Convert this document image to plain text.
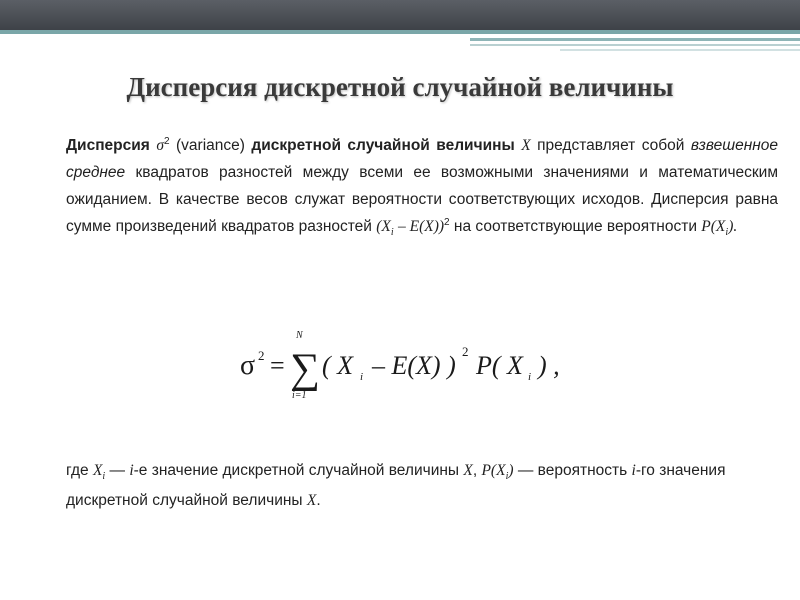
Дисперсия дискретной случайной величины
Дисперсия $\sigma^2$ (variance) дискретной случайной величины X представляет собой взвешенное среднее квадратов разностей между всеми ее возможными значениями и математическим ожиданием. В качестве весов служат вероятности соответствующих исходов. Дисперсия равна сумме произведений квадратов разностей $(X_i - E(X))^2$ на соответствующие вероятности $P(X_i)$.
σ 2 =
N
∑
i=1
( X i – E(X) ) 2 P( X i ) ,
где $X_i$ — i-е значение дискретной случайной величины X, $P(X_i)$ — вероятность i-го значения дискретной случайной величины X.
